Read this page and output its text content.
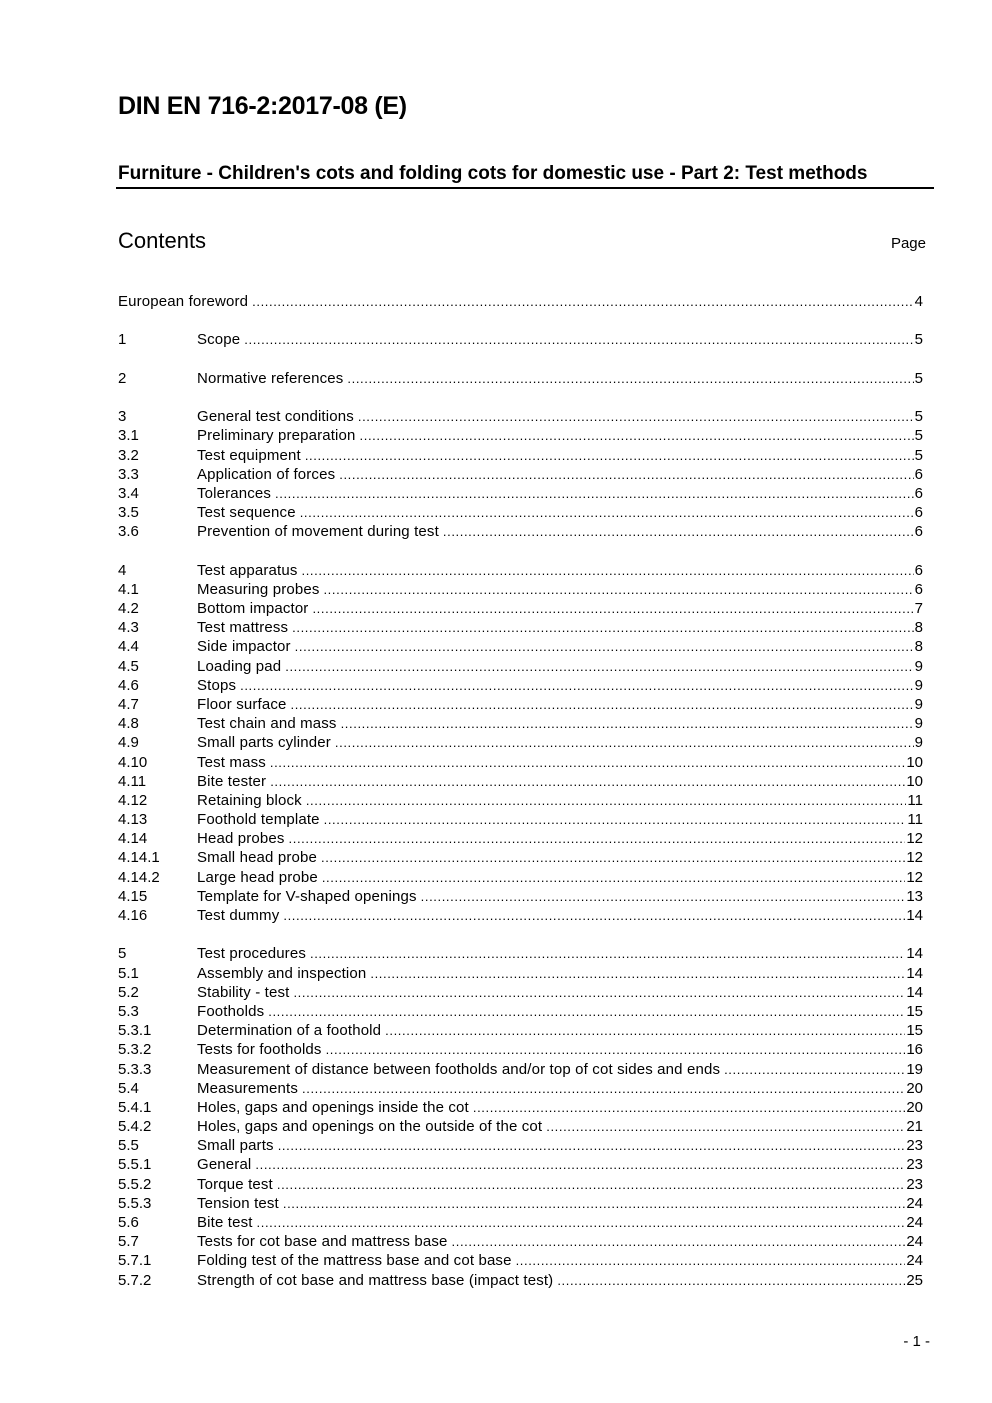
DIN EN 716-2:2017-08 (E)
Furniture - Children's cots and folding cots for domestic use - Part 2: Test methods
Contents	Page
European foreword .....	4
1	Scope .....	5
2	Normative references .....	5
3	General test conditions .....	5
3.1	Preliminary preparation .....	5
3.2	Test equipment .....	5
3.3	Application of forces .....	6
3.4	Tolerances .....	6
3.5	Test sequence .....	6
3.6	Prevention of movement during test .....	6
4	Test apparatus .....	6
4.1	Measuring probes .....	6
4.2	Bottom impactor .....	7
4.3	Test mattress .....	8
4.4	Side impactor .....	8
4.5	Loading pad .....	9
4.6	Stops .....	9
4.7	Floor surface .....	9
4.8	Test chain and mass .....	9
4.9	Small parts cylinder .....	9
4.10	Test mass .....	10
4.11	Bite tester .....	10
4.12	Retaining block .....	11
4.13	Foothold template .....	11
4.14	Head probes .....	12
4.14.1	Small head probe .....	12
4.14.2	Large head probe .....	12
4.15	Template for V-shaped openings .....	13
4.16	Test dummy .....	14
5	Test procedures .....	14
5.1	Assembly and inspection .....	14
5.2	Stability - test .....	14
5.3	Footholds .....	15
5.3.1	Determination of a foothold .....	15
5.3.2	Tests for footholds .....	16
5.3.3	Measurement of distance between footholds and/or top of cot sides and ends .....	19
5.4	Measurements .....	20
5.4.1	Holes, gaps and openings inside the cot .....	20
5.4.2	Holes, gaps and openings on the outside of the cot .....	21
5.5	Small parts .....	23
5.5.1	General .....	23
5.5.2	Torque test .....	23
5.5.3	Tension test .....	24
5.6	Bite test .....	24
5.7	Tests for cot base and mattress base .....	24
5.7.1	Folding test of the mattress base and cot base .....	24
5.7.2	Strength of cot base and mattress base (impact test) .....	25
- 1 -
